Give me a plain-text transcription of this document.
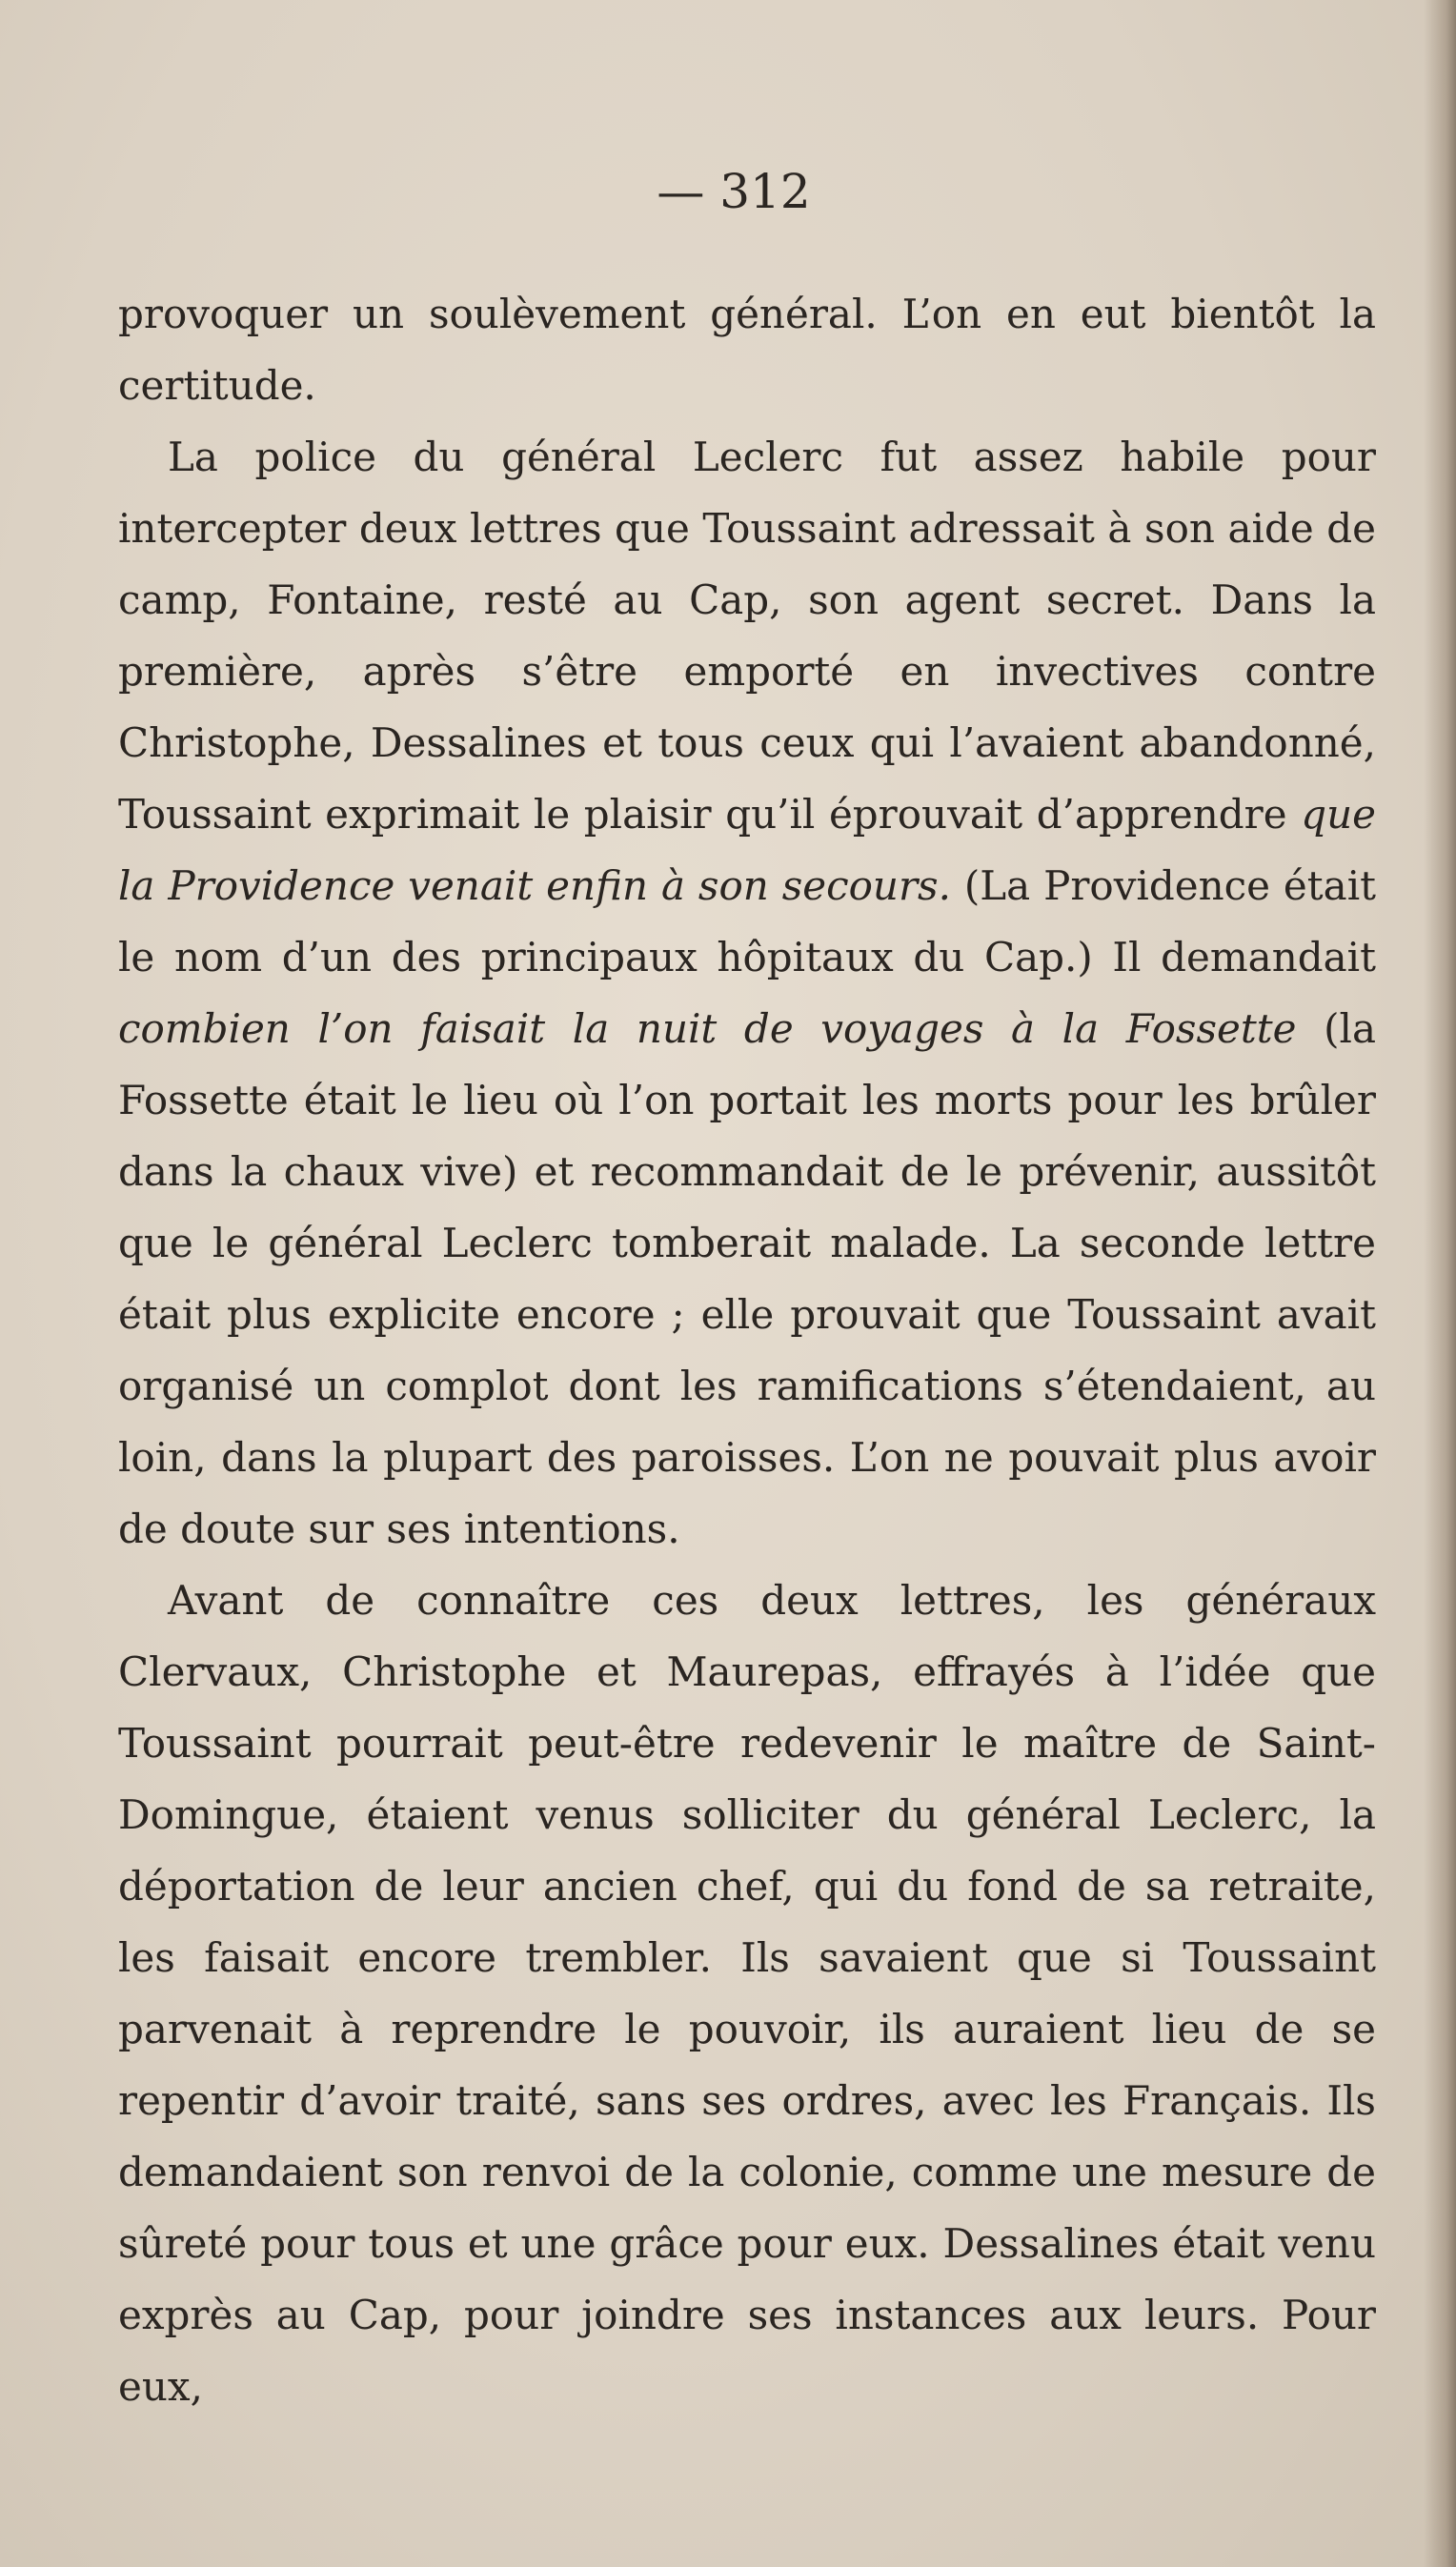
— 312

provoquer un soulèvement général. L’on en eut bientôt la certitude.

La police du général Leclerc fut assez habile pour intercepter deux lettres que Toussaint adressait à son aide de camp, Fontaine, resté au Cap, son agent secret. Dans la première, après s’être emporté en invectives contre Christophe, Dessalines et tous ceux qui l’avaient abandonné, Toussaint exprimait le plaisir qu’il éprouvait d’apprendre que la Providence venait enfin à son secours. (La Providence était le nom d’un des principaux hôpitaux du Cap.) Il demandait combien l’on faisait la nuit de voyages à la Fossette (la Fossette était le lieu où l’on portait les morts pour les brûler dans la chaux vive) et recommandait de le prévenir, aussitôt que le général Leclerc tomberait malade. La seconde lettre était plus explicite encore ; elle prouvait que Toussaint avait organisé un complot dont les ramifications s’étendaient, au loin, dans la plupart des paroisses. L’on ne pouvait plus avoir de doute sur ses intentions.

Avant de connaître ces deux lettres, les généraux Clervaux, Christophe et Maurepas, effrayés à l’idée que Toussaint pourrait peut-être redevenir le maître de Saint-Domingue, étaient venus solliciter du général Leclerc, la déportation de leur ancien chef, qui du fond de sa retraite, les faisait encore trembler. Ils savaient que si Toussaint parvenait à reprendre le pouvoir, ils auraient lieu de se repentir d’avoir traité, sans ses ordres, avec les Français. Ils demandaient son renvoi de la colonie, comme une mesure de sûreté pour tous et une grâce pour eux. Dessalines était venu exprès au Cap, pour joindre ses instances aux leurs. Pour eux,
